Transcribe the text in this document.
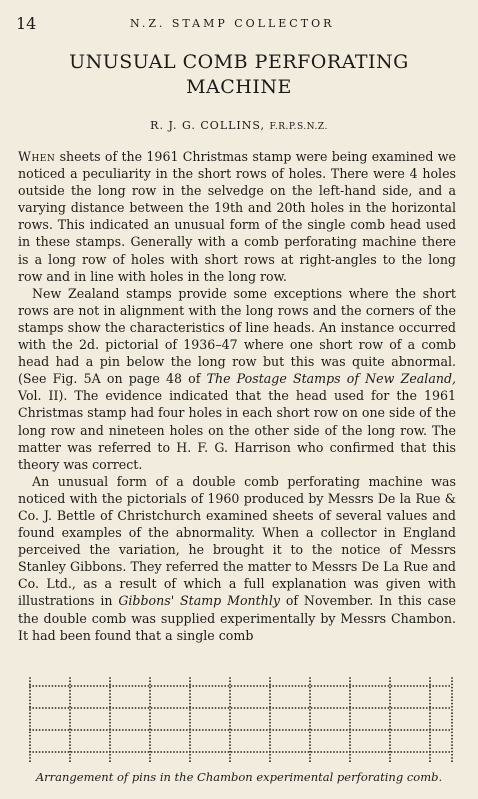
14	N.Z. STAMP COLLECTOR
UNUSUAL COMB PERFORATING
MACHINE
R. J. G. COLLINS, F.R.P.S.N.Z.

When sheets of the 1961 Christmas stamp were being examined we noticed a peculiarity in the short rows of holes. There were 4 holes outside the long row in the selvedge on the left-hand side, and a varying distance between the 19th and 20th holes in the horizontal rows. This indicated an unusual form of the single comb head used in these stamps. Generally with a comb perforating machine there is a long row of holes with short rows at right-angles to the long row and in line with holes in the long row.

New Zealand stamps provide some exceptions where the short rows are not in alignment with the long rows and the corners of the stamps show the characteristics of line heads. An instance occurred with the 2d. pictorial of 1936–47 where one short row of a comb head had a pin below the long row but this was quite abnormal. (See Fig. 5A on page 48 of The Postage Stamps of New Zealand, Vol. II). The evidence indicated that the head used for the 1961 Christmas stamp had four holes in each short row on one side of the long row and nineteen holes on the other side of the long row. The matter was referred to H. F. G. Harrison who confirmed that this theory was correct.

An unusual form of a double comb perforating machine was noticed with the pictorials of 1960 produced by Messrs De la Rue & Co. J. Bettle of Christchurch examined sheets of several values and found examples of the abnormality. When a collector in England perceived the variation, he brought it to the notice of Messrs Stanley Gibbons. They referred the matter to Messrs De La Rue and Co. Ltd., as a result of which a full explanation was given with illustrations in Gibbons' Stamp Monthly of November. In this case the double comb was supplied experimentally by Messrs Chambon. It had been found that a single comb

Arrangement of pins in the Chambon experimental perforating comb.
